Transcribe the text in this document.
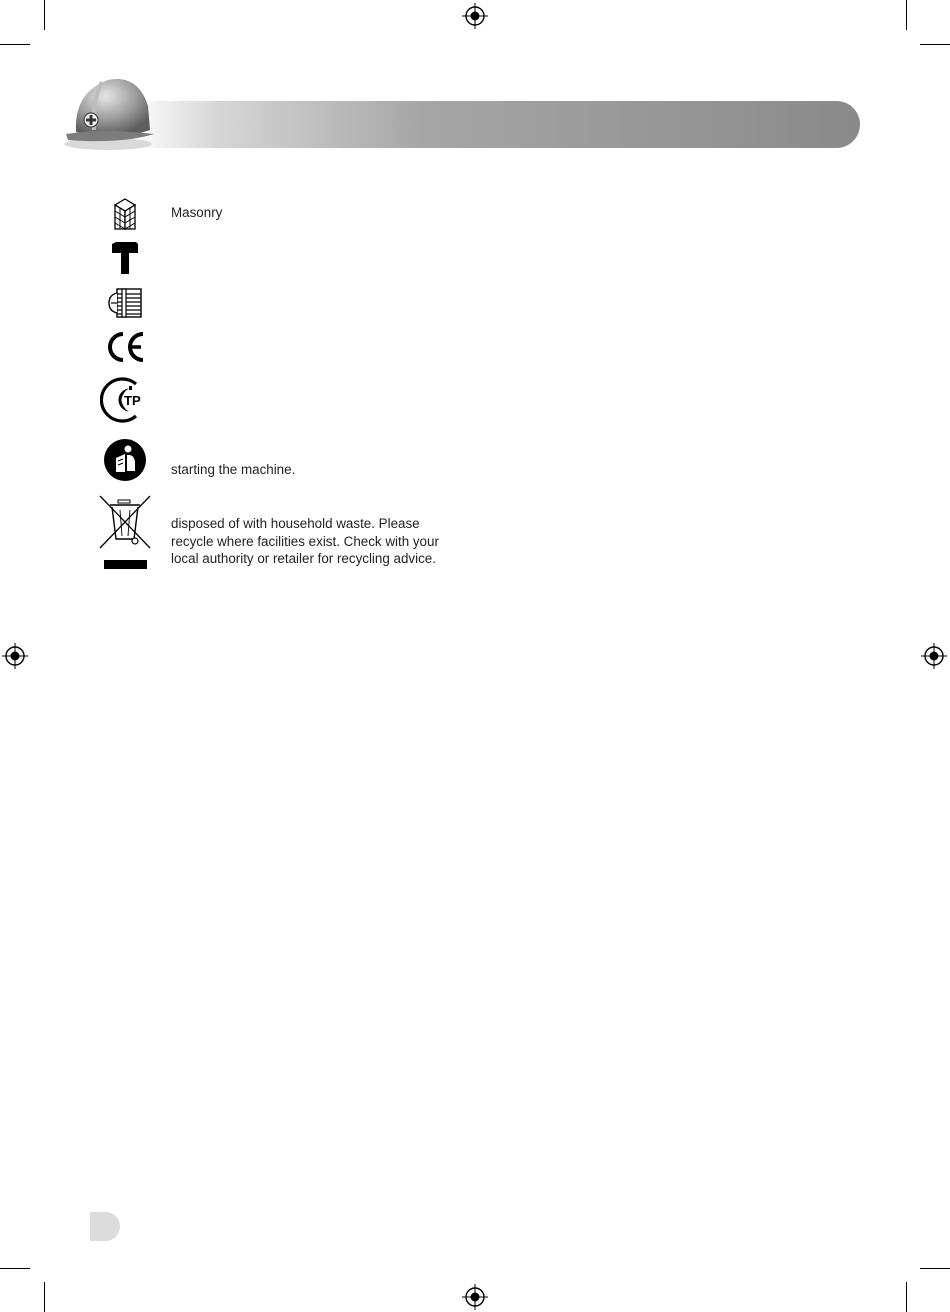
Masonry
TP
starting the machine.
disposed of with household waste. Please
recycle where facilities exist. Check with your
local authority or retailer for recycling advice.
